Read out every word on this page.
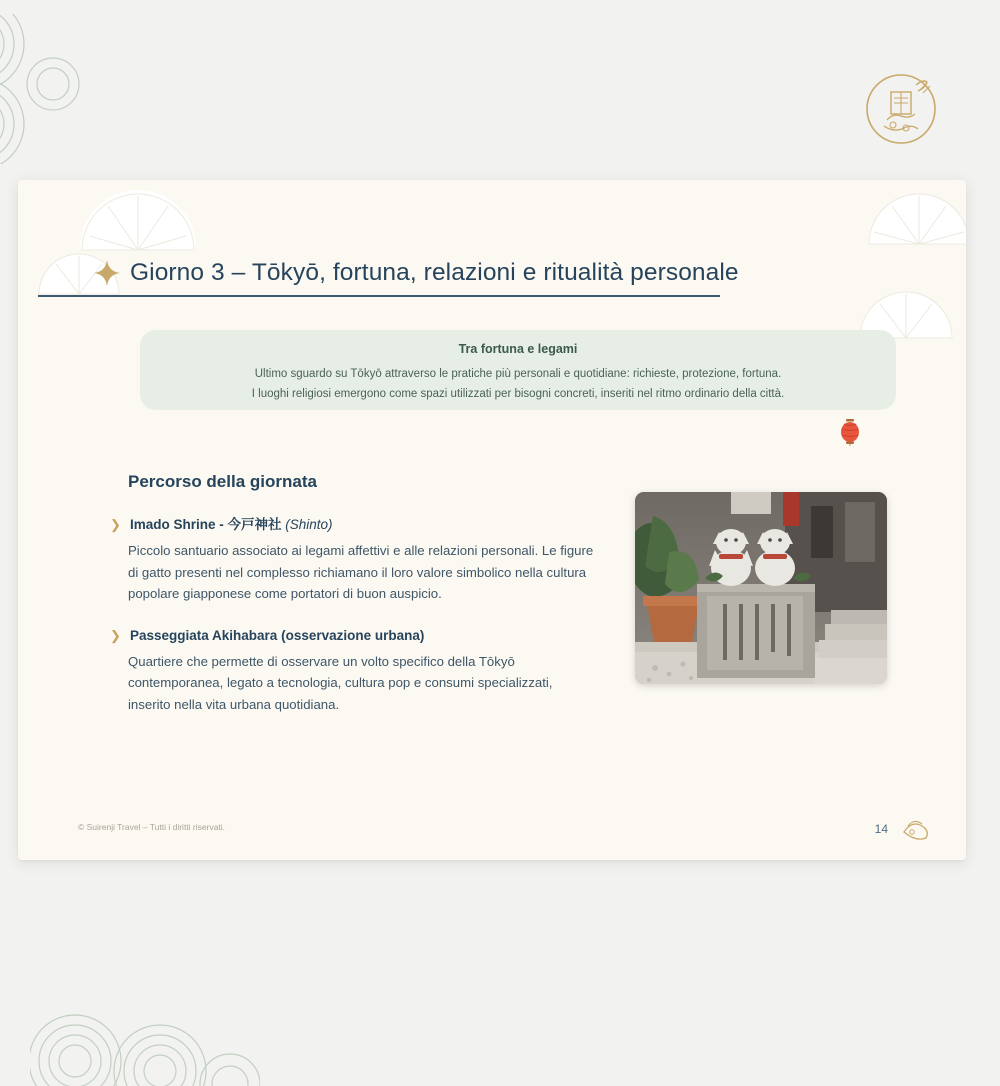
Giorno 3 – Tōkyō, fortuna, relazioni e ritualità personale
Tra fortuna e legami
Ultimo sguardo su Tōkyō attraverso le pratiche più personali e quotidiane: richieste, protezione, fortuna.
I luoghi religiosi emergono come spazi utilizzati per bisogni concreti, inseriti nel ritmo ordinario della città.
Percorso della giornata
❯ Imado Shrine - 今戸神社 (Shinto)
Piccolo santuario associato ai legami affettivi e alle relazioni personali. Le figure di gatto presenti nel complesso richiamano il loro valore simbolico nella cultura popolare giapponese come portatori di buon auspicio.
❯ Passeggiata Akihabara (osservazione urbana)
Quartiere che permette di osservare un volto specifico della Tōkyō contemporanea, legato a tecnologia, cultura pop e consumi specializzati, inserito nella vita urbana quotidiana.
© Suirenji Travel – Tutti i diritti riservati.	14
